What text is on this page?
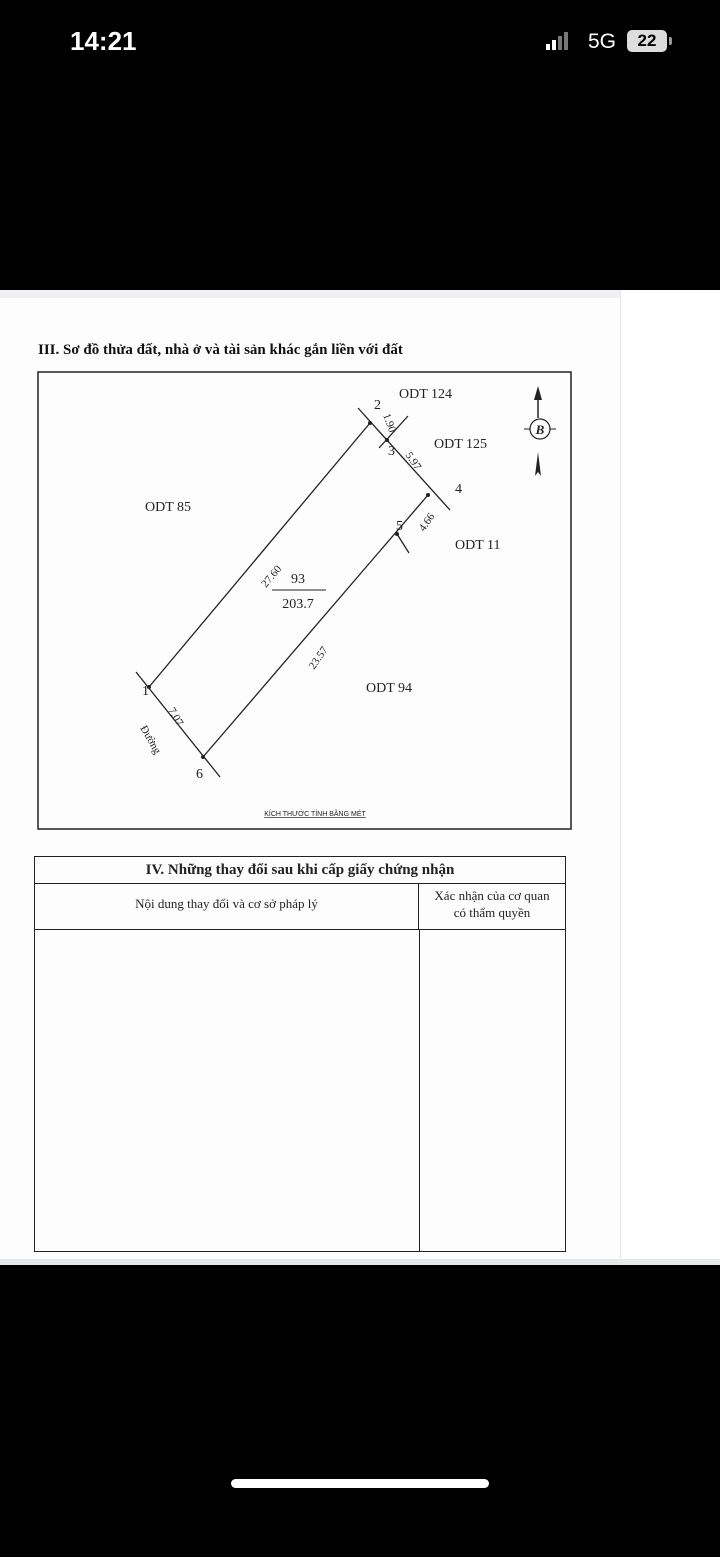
14:21	5G	22
III. Sơ đồ thửa đất, nhà ở và tài sản khác gắn liền với đất
1
2
3
4
5
6
ODT 124
ODT 125
ODT 85
ODT 11
ODT 94
93
203.7
27.60
1.90
5.97
4.66
23.57
7.07
Đường
B
KÍCH THƯỚC TÍNH BẰNG MÉT
IV. Những thay đổi sau khi cấp giấy chứng nhận
Nội dung thay đổi và cơ sở pháp lý
Xác nhận của cơ quan
có thẩm quyền
